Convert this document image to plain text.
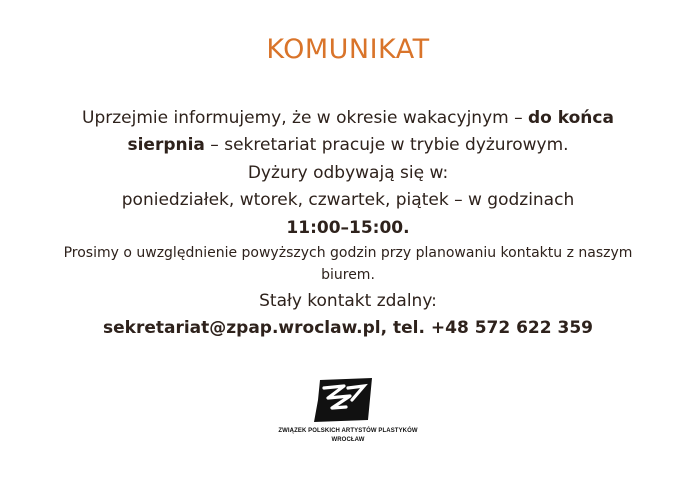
KOMUNIKAT
Uprzejmie informujemy, że w okresie wakacyjnym – do końca
sierpnia – sekretariat pracuje w trybie dyżurowym.
Dyżury odbywają się w:
poniedziałek, wtorek, czwartek, piątek – w godzinach
11:00–15:00.
Prosimy o uwzględnienie powyższych godzin przy planowaniu kontaktu z naszym
biurem.
Stały kontakt zdalny:
sekretariat@zpap.wroclaw.pl, tel. +48 572 622 359
ZWIĄZEK POLSKICH ARTYSTÓW PLASTYKÓW
WROCŁAW
